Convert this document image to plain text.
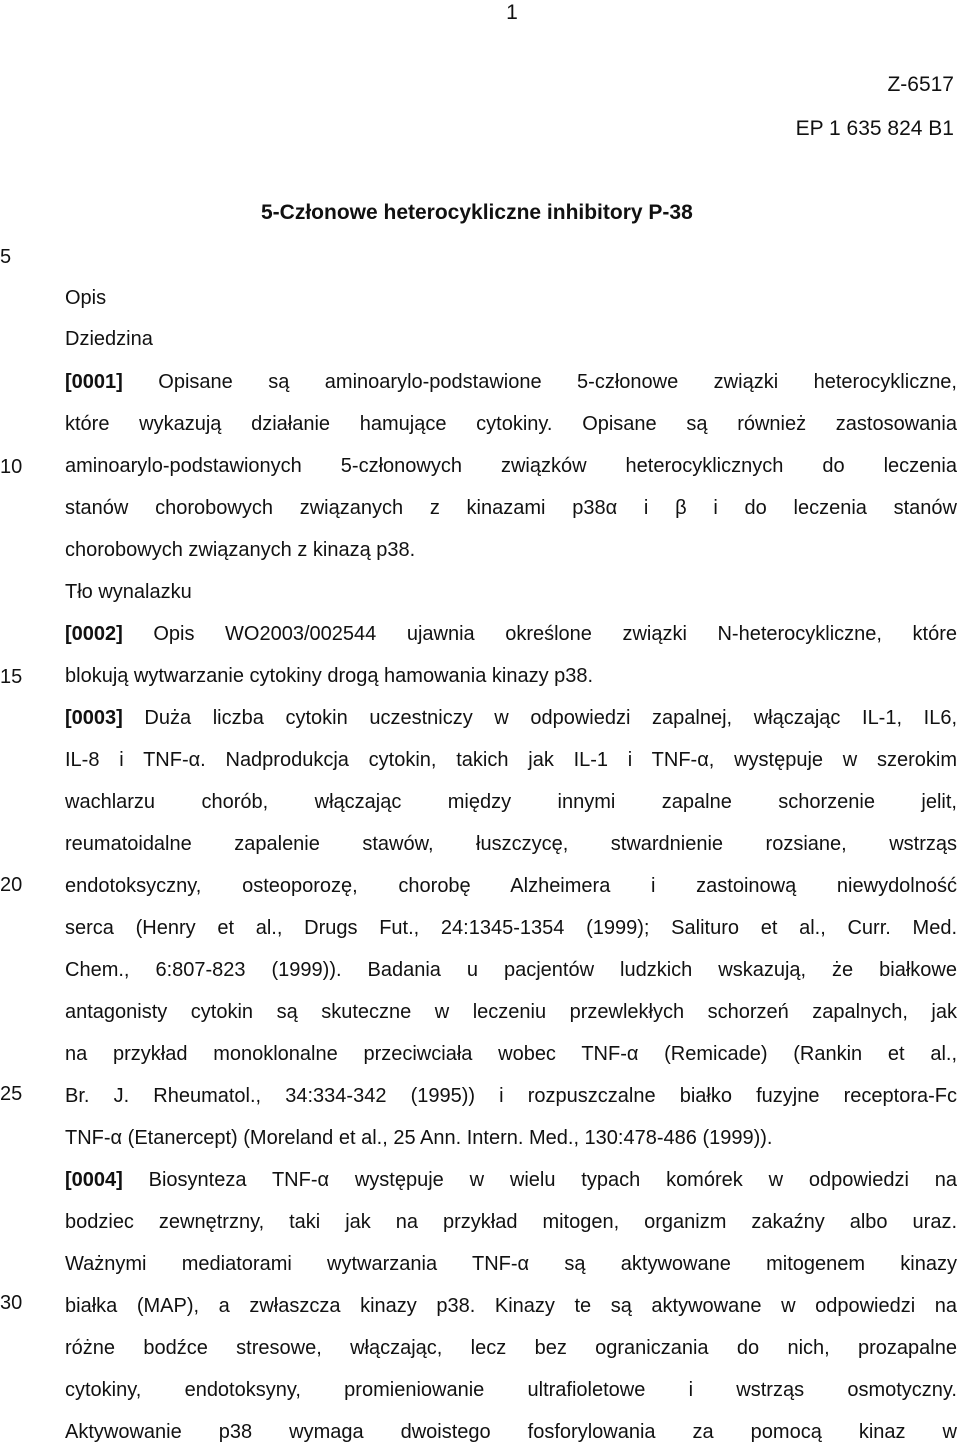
1
Z-6517
EP 1 635 824 B1
5-Członowe heterocykliczne inhibitory P-38
5
10
15
20
25
30
Opis
Dziedzina
Tło wynalazku
[0001] Opisane są aminoarylo-podstawione 5-członowe związki heterocykliczne,
które wykazują działanie hamujące cytokiny. Opisane są również zastosowania
aminoarylo-podstawionych 5-członowych związków heterocyklicznych do leczenia
stanów chorobowych związanych z kinazami p38α i β i do leczenia stanów
chorobowych związanych z kinazą p38.
[0002] Opis WO2003/002544 ujawnia określone związki N-heterocykliczne, które
blokują wytwarzanie cytokiny drogą hamowania kinazy p38.
[0003] Duża liczba cytokin uczestniczy w odpowiedzi zapalnej, włączając IL-1, IL6,
IL-8 i TNF-α. Nadprodukcja cytokin, takich jak IL-1 i TNF-α, występuje w szerokim
wachlarzu chorób, włączając między innymi zapalne schorzenie jelit,
reumatoidalne zapalenie stawów, łuszczycę, stwardnienie rozsiane, wstrząs
endotoksyczny, osteoporozę, chorobę Alzheimera i zastoinową niewydolność
serca (Henry et al., Drugs Fut., 24:1345-1354 (1999); Salituro et al., Curr. Med.
Chem., 6:807-823 (1999)). Badania u pacjentów ludzkich wskazują, że białkowe
antagonisty cytokin są skuteczne w leczeniu przewlekłych schorzeń zapalnych, jak
na przykład monoklonalne przeciwciała wobec TNF-α (Remicade) (Rankin et al.,
Br. J. Rheumatol., 34:334-342 (1995)) i rozpuszczalne białko fuzyjne receptora-Fc
TNF-α (Etanercept) (Moreland et al., 25 Ann. Intern. Med., 130:478-486 (1999)).
[0004] Biosynteza TNF-α występuje w wielu typach komórek w odpowiedzi na
bodziec zewnętrzny, taki jak na przykład mitogen, organizm zakaźny albo uraz.
Ważnymi mediatorami wytwarzania TNF-α są aktywowane mitogenem kinazy
białka (MAP), a zwłaszcza kinazy p38. Kinazy te są aktywowane w odpowiedzi na
różne bodźce stresowe, włączając, lecz bez ograniczania do nich, prozapalne
cytokiny, endotoksyny, promieniowanie ultrafioletowe i wstrząs osmotyczny.
Aktywowanie p38 wymaga dwoistego fosforylowania za pomocą kinaz w
